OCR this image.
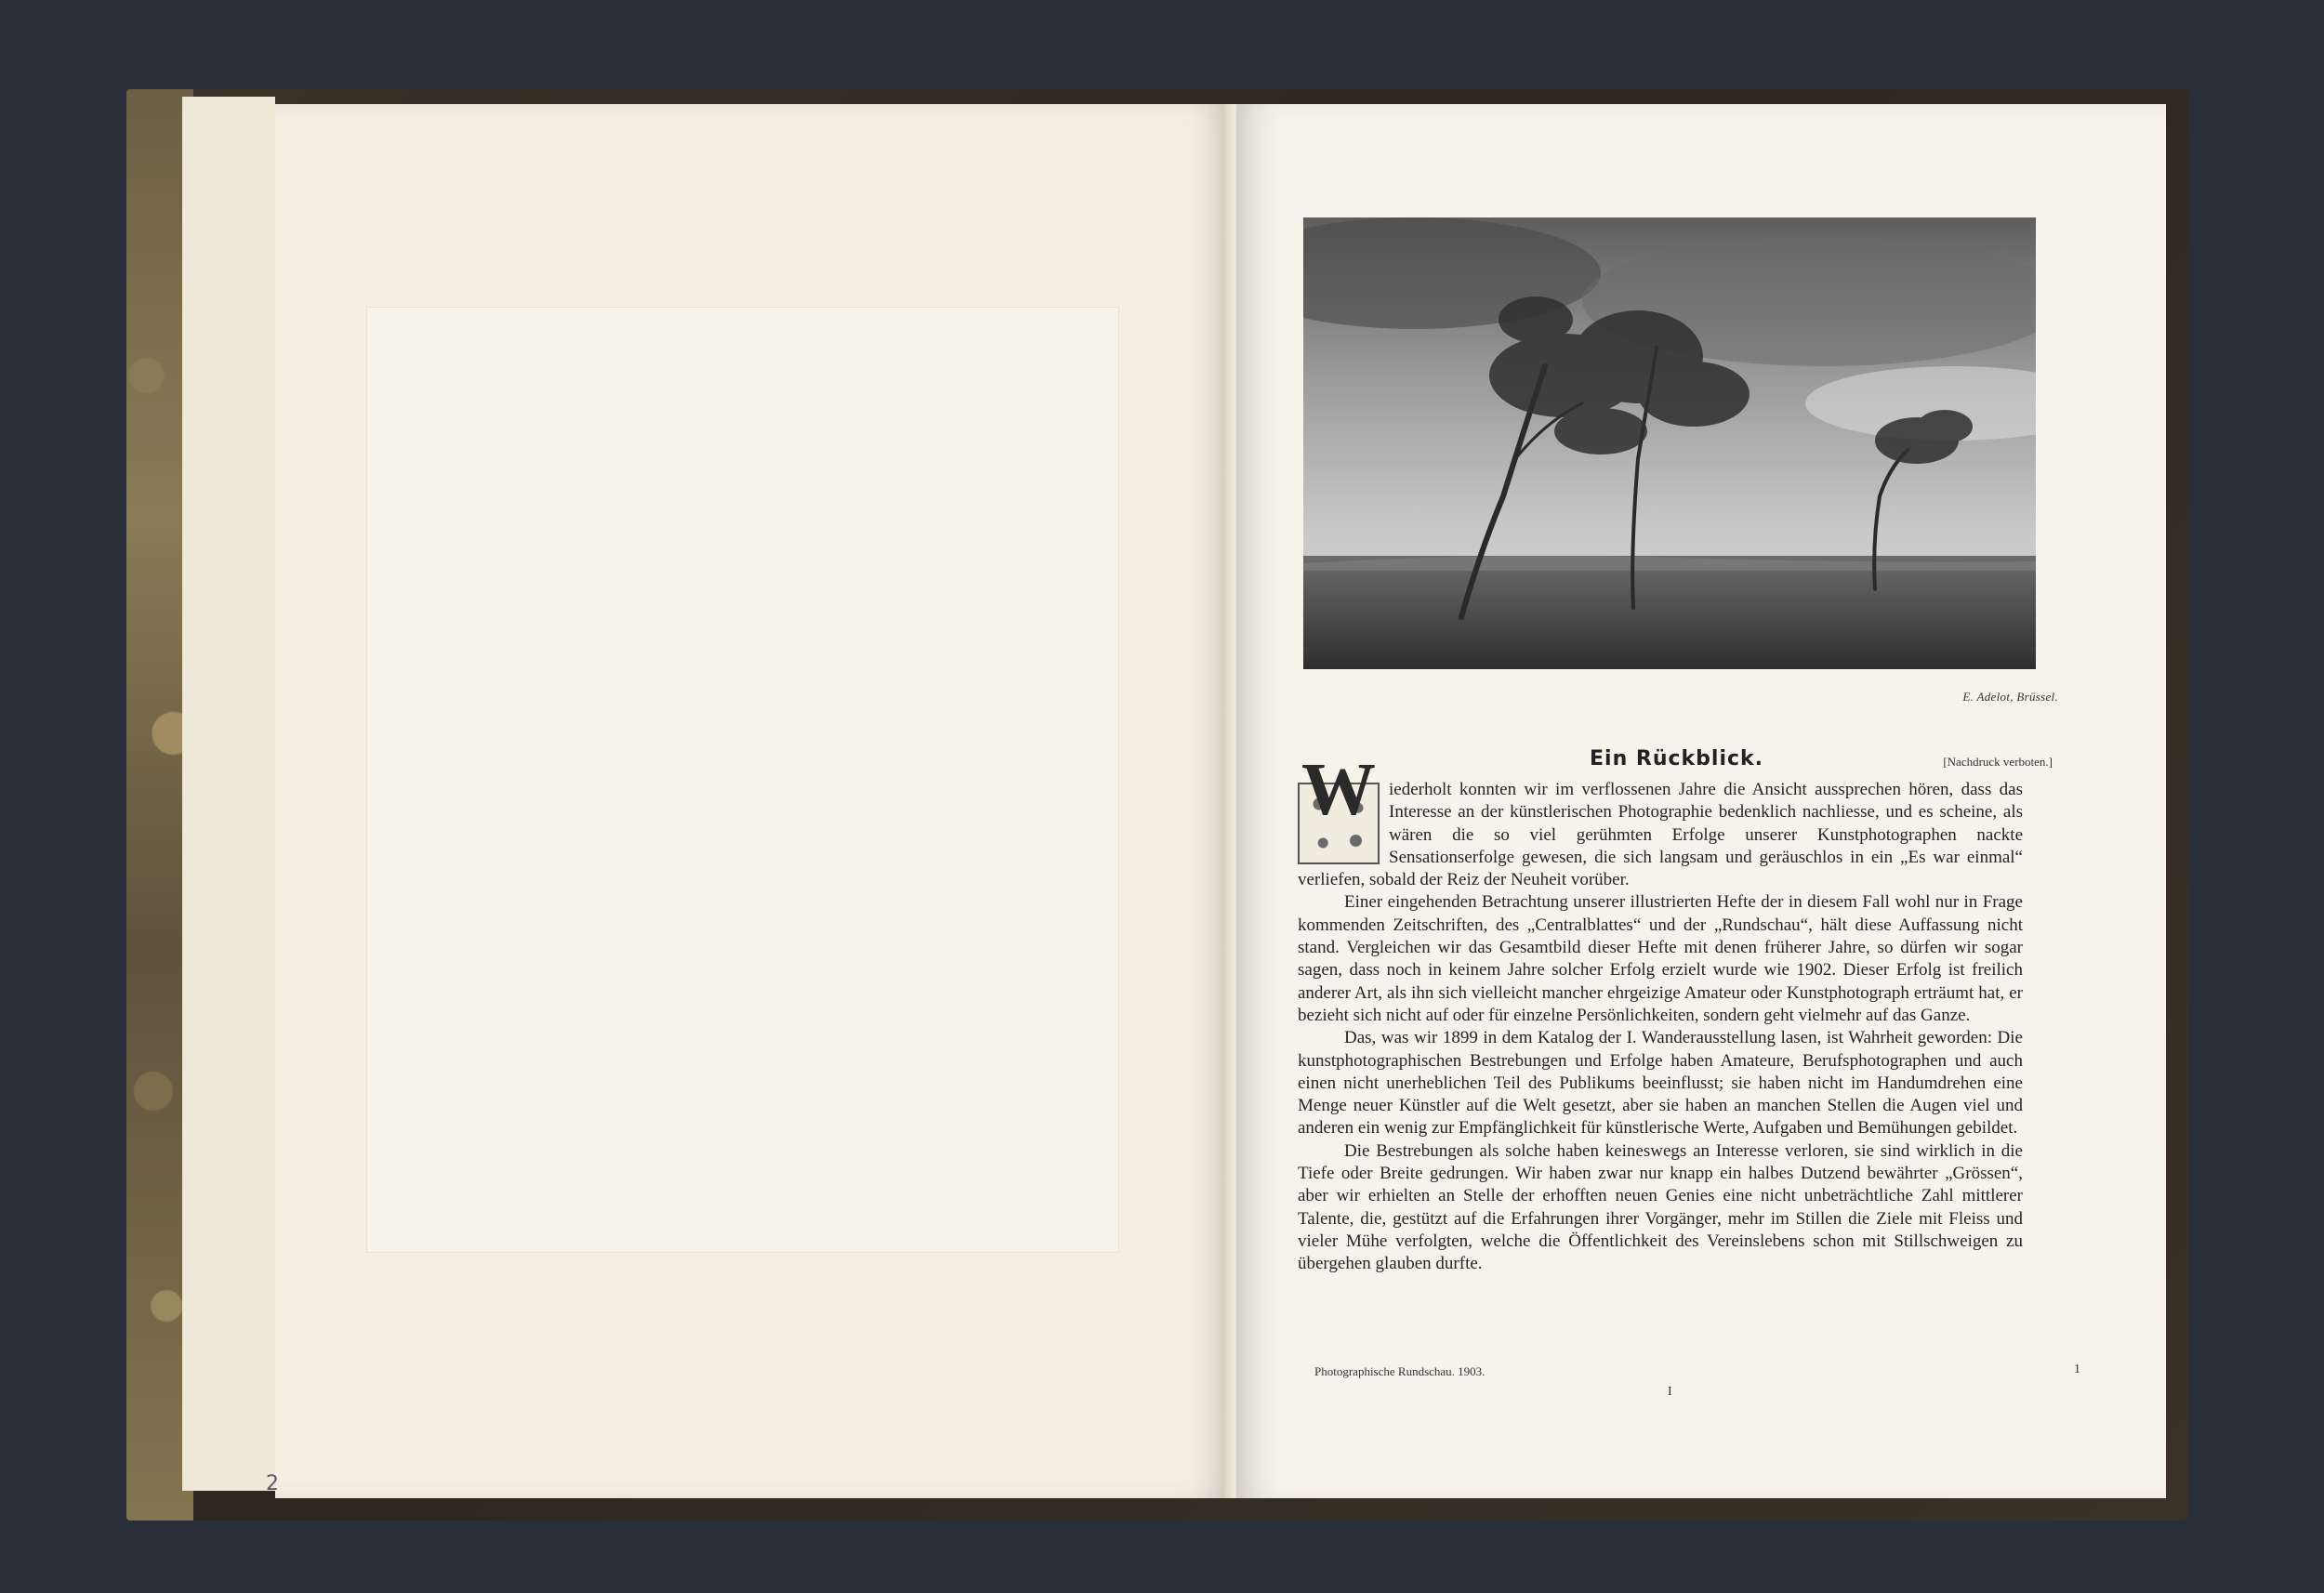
2
E. Adelot, Brüssel.
Ein Rückblick.	[Nachdruck verboten.]

W iederholt konnten wir im verflossenen Jahre die Ansicht aussprechen hören, dass das Interesse an der künstlerischen Photographie bedenklich nachliesse, und es scheine, als wären die so viel gerühmten Erfolge unserer Kunstphotographen nackte Sensationserfolge gewesen, die sich langsam und geräuschlos in ein „Es war einmal“ verliefen, sobald der Reiz der Neuheit vorüber.

Einer eingehenden Betrachtung unserer illustrierten Hefte der in diesem Fall wohl nur in Frage kommenden Zeitschriften, des „Centralblattes“ und der „Rundschau“, hält diese Auffassung nicht stand. Vergleichen wir das Gesamtbild dieser Hefte mit denen früherer Jahre, so dürfen wir sogar sagen, dass noch in keinem Jahre solcher Erfolg erzielt wurde wie 1902. Dieser Erfolg ist freilich anderer Art, als ihn sich vielleicht mancher ehrgeizige Amateur oder Kunstphotograph erträumt hat, er bezieht sich nicht auf oder für einzelne Persönlichkeiten, sondern geht vielmehr auf das Ganze.

Das, was wir 1899 in dem Katalog der I. Wanderausstellung lasen, ist Wahrheit geworden: Die kunstphotographischen Bestrebungen und Erfolge haben Amateure, Berufsphotographen und auch einen nicht unerheblichen Teil des Publikums beeinflusst; sie haben nicht im Handumdrehen eine Menge neuer Künstler auf die Welt gesetzt, aber sie haben an manchen Stellen die Augen viel und anderen ein wenig zur Empfänglichkeit für künstlerische Werte, Aufgaben und Bemühungen gebildet.

Die Bestrebungen als solche haben keineswegs an Interesse verloren, sie sind wirklich in die Tiefe oder Breite gedrungen. Wir haben zwar nur knapp ein halbes Dutzend bewährter „Grössen“, aber wir erhielten an Stelle der erhofften neuen Genies eine nicht unbeträchtliche Zahl mittlerer Talente, die, gestützt auf die Erfahrungen ihrer Vorgänger, mehr im Stillen die Ziele mit Fleiss und vieler Mühe verfolgten, welche die Öffentlichkeit des Vereinslebens schon mit Stillschweigen zu übergehen glauben durfte.

Photographische Rundschau. 1903.	1
I
